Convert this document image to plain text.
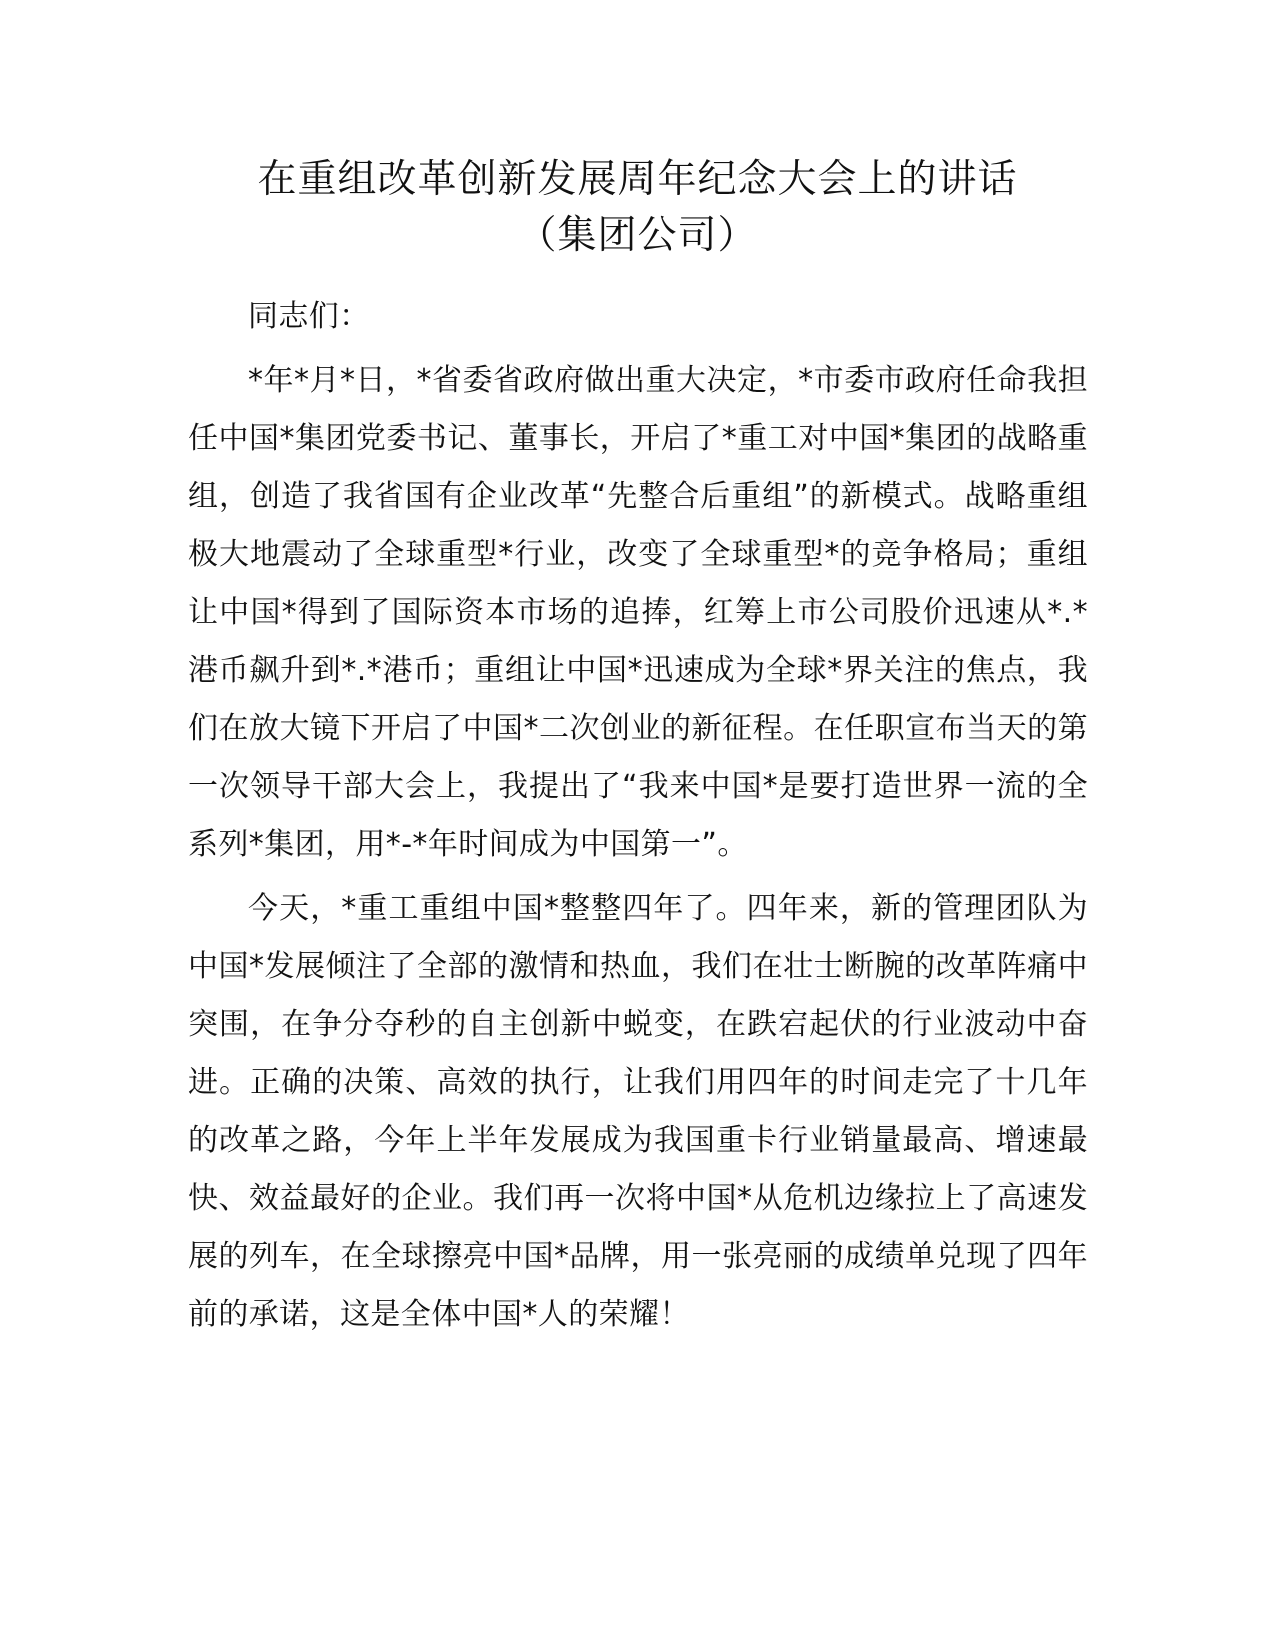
在重组改革创新发展周年纪念大会上的讲话
（集团公司）

同志们：

*年*月*日，*省委省政府做出重大决定，*市委市政府任命我担任中国*集团党委书记、董事长，开启了*重工对中国*集团的战略重组，创造了我省国有企业改革“先整合后重组”的新模式。战略重组极大地震动了全球重型*行业，改变了全球重型*的竞争格局；重组让中国*得到了国际资本市场的追捧，红筹上市公司股价迅速从*.*港币飙升到*.*港币；重组让中国*迅速成为全球*界关注的焦点，我们在放大镜下开启了中国*二次创业的新征程。在任职宣布当天的第一次领导干部大会上，我提出了“我来中国*是要打造世界一流的全系列*集团，用*-*年时间成为中国第一”。

今天，*重工重组中国*整整四年了。四年来，新的管理团队为中国*发展倾注了全部的激情和热血，我们在壮士断腕的改革阵痛中突围，在争分夺秒的自主创新中蜕变，在跌宕起伏的行业波动中奋进。正确的决策、高效的执行，让我们用四年的时间走完了十几年的改革之路，今年上半年发展成为我国重卡行业销量最高、增速最快、效益最好的企业。我们再一次将中国*从危机边缘拉上了高速发展的列车，在全球擦亮中国*品牌，用一张亮丽的成绩单兑现了四年前的承诺，这是全体中国*人的荣耀！
